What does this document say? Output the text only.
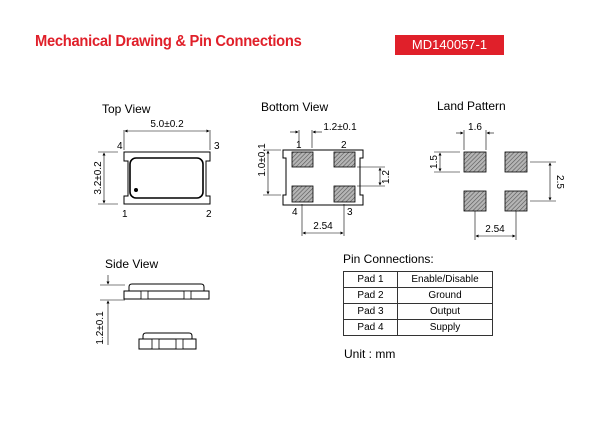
Mechanical Drawing & Pin Connections	MD140057-1
Top View	Bottom View	Land Pattern
Side View	Pin Connections:
Unit : mm
5.0±0.2
3.2±0.2
4	3
1	2
1.2±0.1
1.0±0.1
1.2
2.54
1	2
4	3
1.6
1.5
2.5
2.54
1.2±0.1
Pad 1	Enable/Disable
Pad 2	Ground
Pad 3	Output
Pad 4	Supply
